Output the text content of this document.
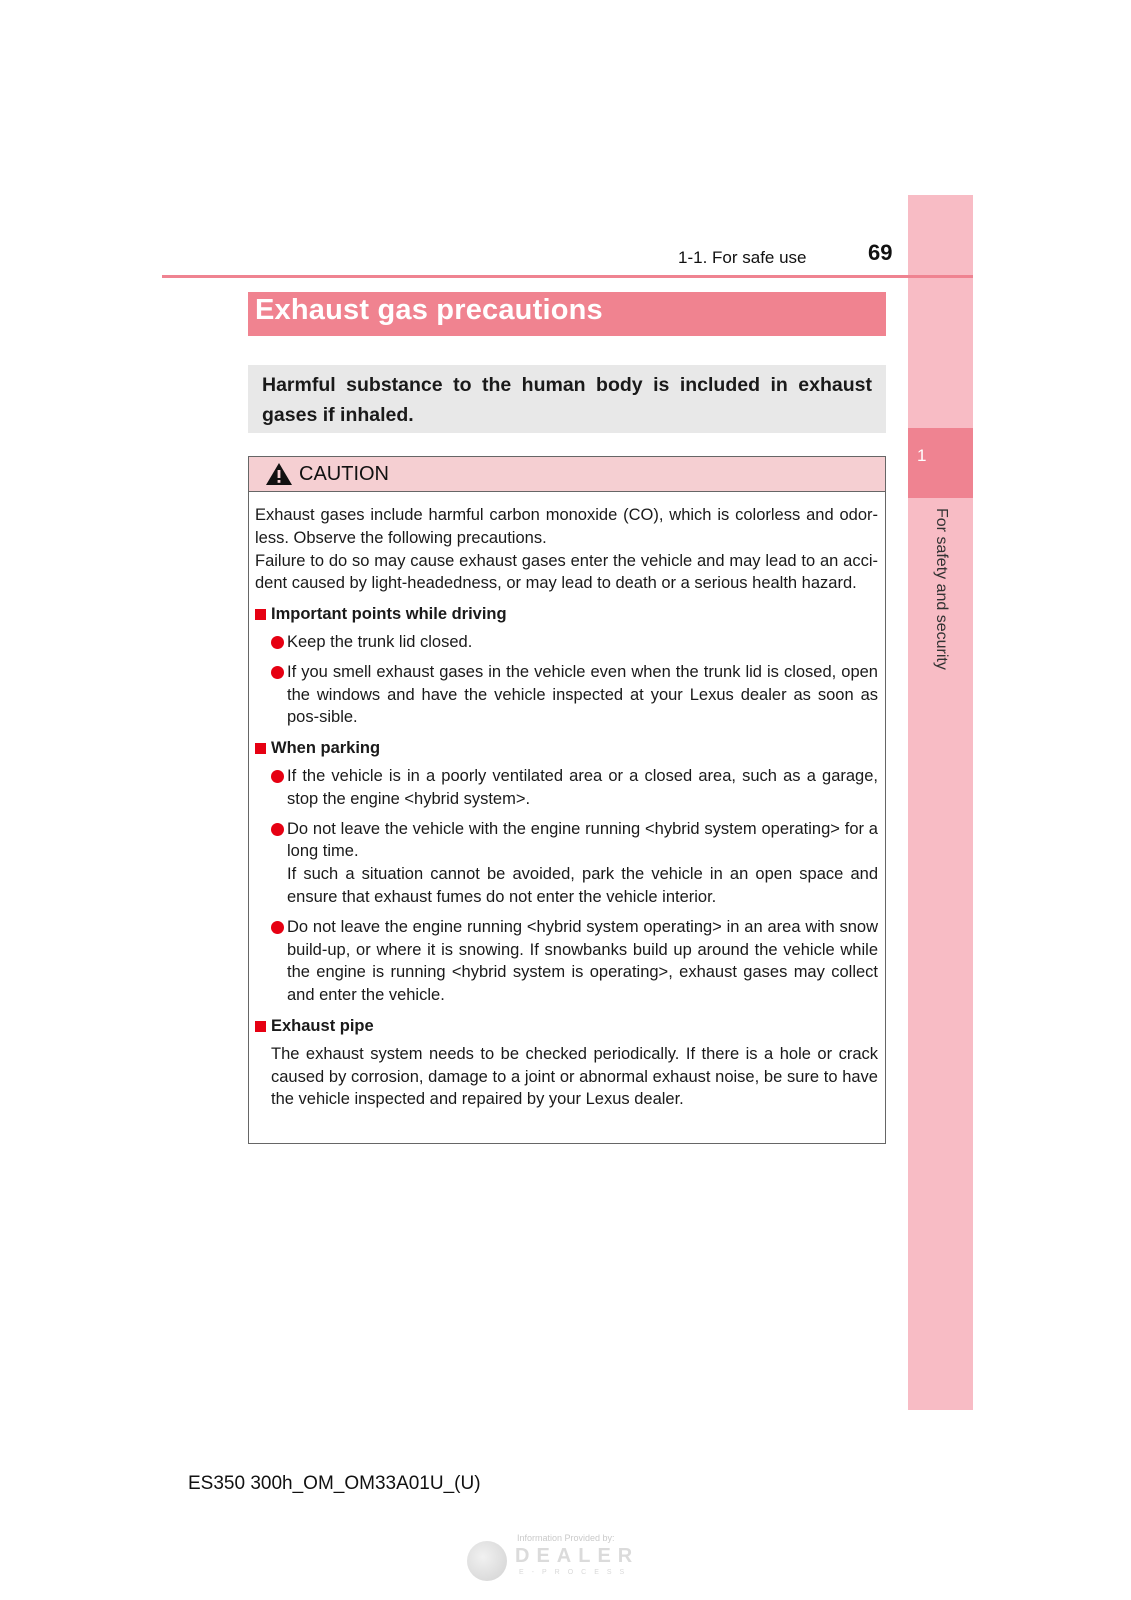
1
For safety and security
1-1. For safe use	69
Exhaust gas precautions
Harmful substance to the human body is included in exhaust gases if inhaled.
CAUTION

Exhaust gases include harmful carbon monoxide (CO), which is colorless and odor-less. Observe the following precautions.

Failure to do so may cause exhaust gases enter the vehicle and may lead to an acci-dent caused by light-headedness, or may lead to death or a serious health hazard.

Important points while driving
Keep the trunk lid closed.
If you smell exhaust gases in the vehicle even when the trunk lid is closed, open the windows and have the vehicle inspected at your Lexus dealer as soon as pos-sible.
When parking
If the vehicle is in a poorly ventilated area or a closed area, such as a garage, stop the engine <hybrid system>.
Do not leave the vehicle with the engine running <hybrid system operating> for a long time.
If such a situation cannot be avoided, park the vehicle in an open space and ensure that exhaust fumes do not enter the vehicle interior.
Do not leave the engine running <hybrid system operating> in an area with snow build-up, or where it is snowing. If snowbanks build up around the vehicle while the engine is running <hybrid system is operating>, exhaust gases may collect and enter the vehicle.
Exhaust pipe

The exhaust system needs to be checked periodically. If there is a hole or crack caused by corrosion, damage to a joint or abnormal exhaust noise, be sure to have the vehicle inspected and repaired by your Lexus dealer.

ES350 300h_OM_OM33A01U_(U)
Information Provided by:
DEALER
E-PROCESS
